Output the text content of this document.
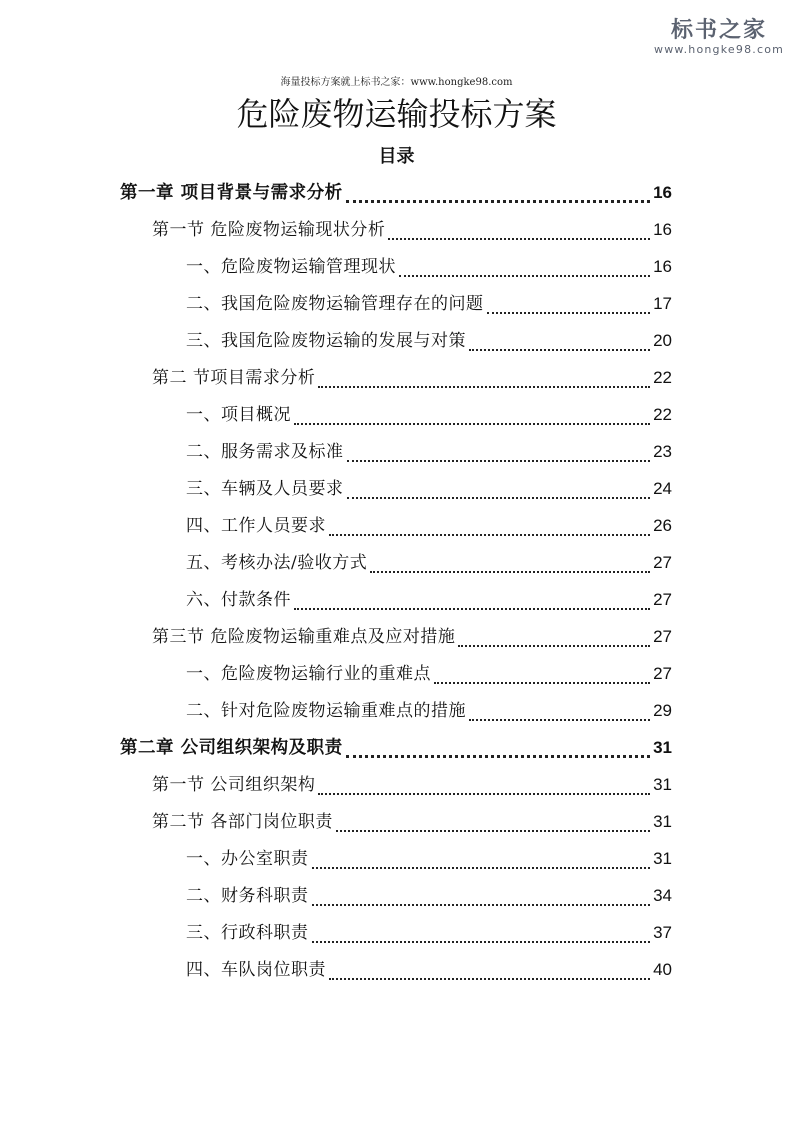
标书之家
www.hongke98.com
海量投标方案就上标书之家：www.hongke98.com
危险废物运输投标方案
目录
第一章 项目背景与需求分析	16
第一节 危险废物运输现状分析	16
一、危险废物运输管理现状	16
二、我国危险废物运输管理存在的问题	17
三、我国危险废物运输的发展与对策	20
第二 节项目需求分析	22
一、项目概况	22
二、服务需求及标准	23
三、车辆及人员要求	24
四、工作人员要求	26
五、考核办法/验收方式	27
六、付款条件	27
第三节 危险废物运输重难点及应对措施	27
一、危险废物运输行业的重难点	27
二、针对危险废物运输重难点的措施	29
第二章 公司组织架构及职责	31
第一节 公司组织架构	31
第二节 各部门岗位职责	31
一、办公室职责	31
二、财务科职责	34
三、行政科职责	37
四、车队岗位职责	40
